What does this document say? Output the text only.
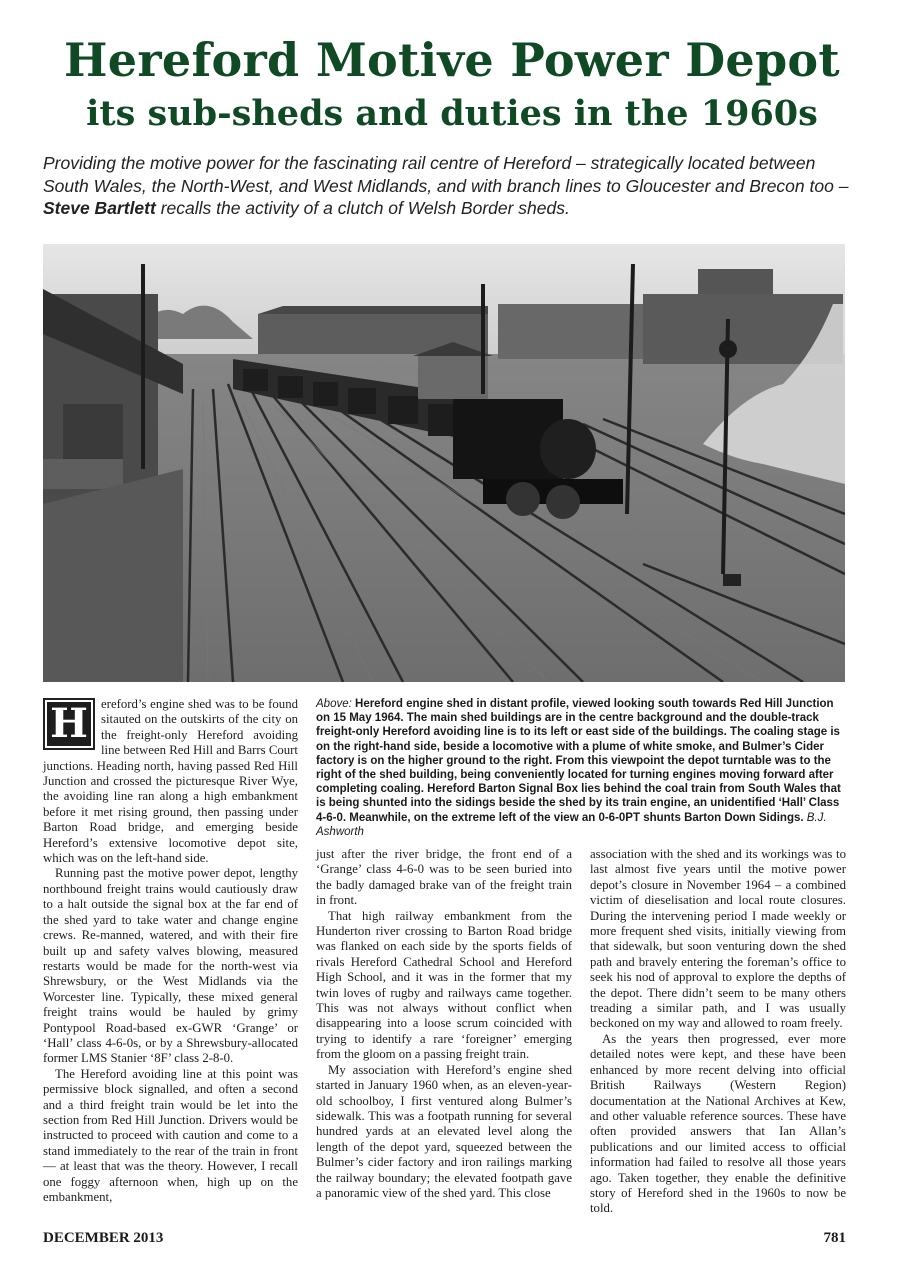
Hereford Motive Power Depot
its sub-sheds and duties in the 1960s
Providing the motive power for the fascinating rail centre of Hereford – strategically located between South Wales, the North-West, and West Midlands, and with branch lines to Gloucester and Brecon too – Steve Bartlett recalls the activity of a clutch of Welsh Border sheds.
Above: Hereford engine shed in distant profile, viewed looking south towards Red Hill Junction on 15 May 1964. The main shed buildings are in the centre background and the double-track freight-only Hereford avoiding line is to its left or east side of the buildings. The coaling stage is on the right-hand side, beside a locomotive with a plume of white smoke, and Bulmer’s Cider factory is on the higher ground to the right. From this viewpoint the depot turntable was to the right of the shed building, being conveniently located for turning engines moving forward after completing coaling. Hereford Barton Signal Box lies behind the coal train from South Wales that is being shunted into the sidings beside the shed by its train engine, an unidentified ‘Hall’ Class 4-6-0. Meanwhile, on the extreme left of the view an 0-6-0PT shunts Barton Down Sidings. B.J. Ashworth
H	ereford’s engine shed was to be found sitauted on the outskirts of the city on the freight-only Hereford avoiding line between Red Hill and Barrs Court junctions. Heading north, having passed Red Hill Junction and crossed the picturesque River Wye, the avoiding line ran along a high embankment before it met rising ground, then passing under Barton Road bridge, and emerging beside Hereford’s extensive locomotive depot site, which was on the left-hand side.

Running past the motive power depot, lengthy northbound freight trains would cautiously draw to a halt outside the signal box at the far end of the shed yard to take water and change engine crews. Re-manned, watered, and with their fire built up and safety valves blowing, measured restarts would be made for the north-west via Shrewsbury, or the West Midlands via the Worcester line. Typically, these mixed general freight trains would be hauled by grimy Pontypool Road-based ex-GWR ‘Grange’ or ‘Hall’ class 4-6-0s, or by a Shrewsbury-allocated former LMS Stanier ‘8F’ class 2-8-0.

The Hereford avoiding line at this point was permissive block signalled, and often a second and a third freight train would be let into the section from Red Hill Junction. Drivers would be instructed to proceed with caution and come to a stand immediately to the rear of the train in front — at least that was the theory. However, I recall one foggy afternoon when, high up on the embankment,

just after the river bridge, the front end of a ‘Grange’ class 4-6-0 was to be seen buried into the badly damaged brake van of the freight train in front.

That high railway embankment from the Hunderton river crossing to Barton Road bridge was flanked on each side by the sports fields of rivals Hereford Cathedral School and Hereford High School, and it was in the former that my twin loves of rugby and railways came together. This was not always without conflict when disappearing into a loose scrum coincided with trying to identify a rare ‘foreigner’ emerging from the gloom on a passing freight train.

My association with Hereford’s engine shed started in January 1960 when, as an eleven-year-old schoolboy, I first ventured along Bulmer’s sidewalk. This was a footpath running for several hundred yards at an elevated level along the length of the depot yard, squeezed between the Bulmer’s cider factory and iron railings marking the railway boundary; the elevated footpath gave a panoramic view of the shed yard. This close

association with the shed and its workings was to last almost five years until the motive power depot’s closure in November 1964 – a combined victim of dieselisation and local route closures. During the intervening period I made weekly or more frequent shed visits, initially viewing from that sidewalk, but soon venturing down the shed path and bravely entering the foreman’s office to seek his nod of approval to explore the depths of the depot. There didn’t seem to be many others treading a similar path, and I was usually beckoned on my way and allowed to roam freely.

As the years then progressed, ever more detailed notes were kept, and these have been enhanced by more recent delving into official British Railways (Western Region) documentation at the National Archives at Kew, and other valuable reference sources. These have often provided answers that Ian Allan’s publications and our limited access to official information had failed to resolve all those years ago. Taken together, they enable the definitive story of Hereford shed in the 1960s to now be told.

DECEMBER 2013	781
